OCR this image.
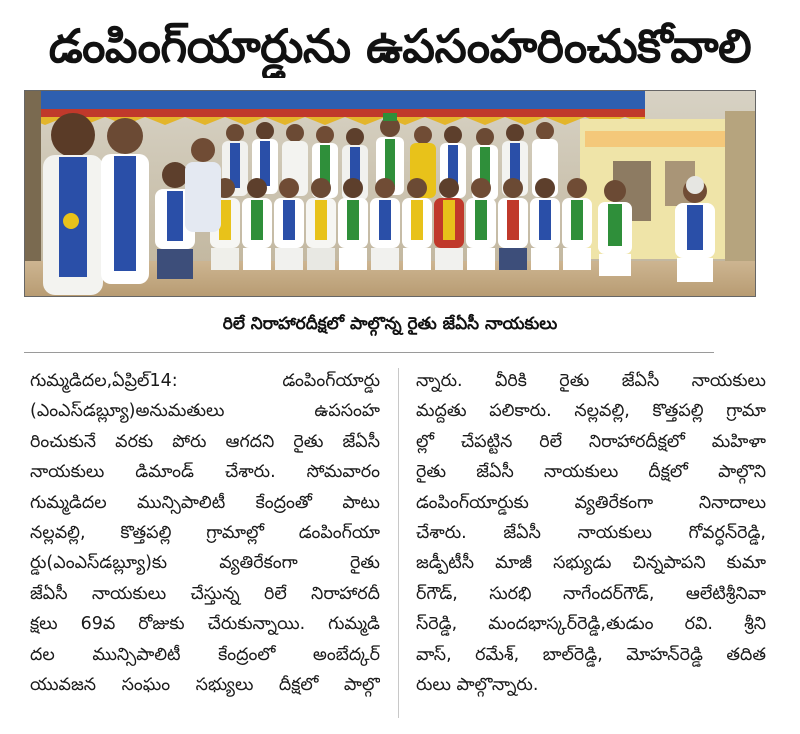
డంపింగ్‌యార్డును ఉపసంహరించుకోవాలి
రిలే నిరాహారదీక్షలో పాల్గొన్న రైతు జేఏసీ నాయకులు
గుమ్మడిదల,ఏప్రిల్‌14: డంపింగ్‌యార్డు
(ఎంఎస్‌డబ్ల్యూ)అనుమతులు ఉపసంహ
రించుకునే వరకు పోరు ఆగదని రైతు జేఏసీ
నాయకులు డిమాండ్‌ చేశారు. సోమవారం
గుమ్మడిదల మున్సిపాలిటీ కేంద్రంతో పాటు
నల్లవల్లి, కొత్తపల్లి గ్రామాల్లో డంపింగ్‌యా
ర్డు(ఎంఎస్‌డబ్ల్యూ)కు వ్యతిరేకంగా రైతు
జేఏసీ నాయకులు చేస్తున్న రిలే నిరాహారదీ
క్షలు 69వ రోజుకు చేరుకున్నాయి. గుమ్మడి
దల మున్సిపాలిటీ కేంద్రంలో అంబేద్కర్‌
యువజన సంఘం సభ్యులు దీక్షలో పాల్గొ
న్నారు. వీరికి రైతు జేఏసీ నాయకులు
మద్దతు పలికారు. నల్లవల్లి, కొత్తపల్లి గ్రామా
ల్లో చేపట్టిన రిలే నిరాహారదీక్షలో మహిళా
రైతు జేఏసీ నాయకులు దీక్షలో పాల్గొని
డంపింగ్‌యార్డుకు వ్యతిరేకంగా నినాదాలు
చేశారు. జేఏసీ నాయకులు గోవర్ధన్‌రెడ్డి,
జడ్పీటీసీ మాజీ సభ్యుడు చిన్నపాపని కుమా
ర్‌గౌడ్‌, సురభి నాగేందర్‌గౌడ్‌, ఆలేటిశ్రీనివా
స్‌రెడ్డి, మందభాస్కర్‌రెడ్డి,తుడుం రవి. శ్రీని
వాస్‌, రమేశ్‌, బాల్‌రెడ్డి, మోహన్‌రెడ్డి తదిత
రులు పాల్గొన్నారు.
